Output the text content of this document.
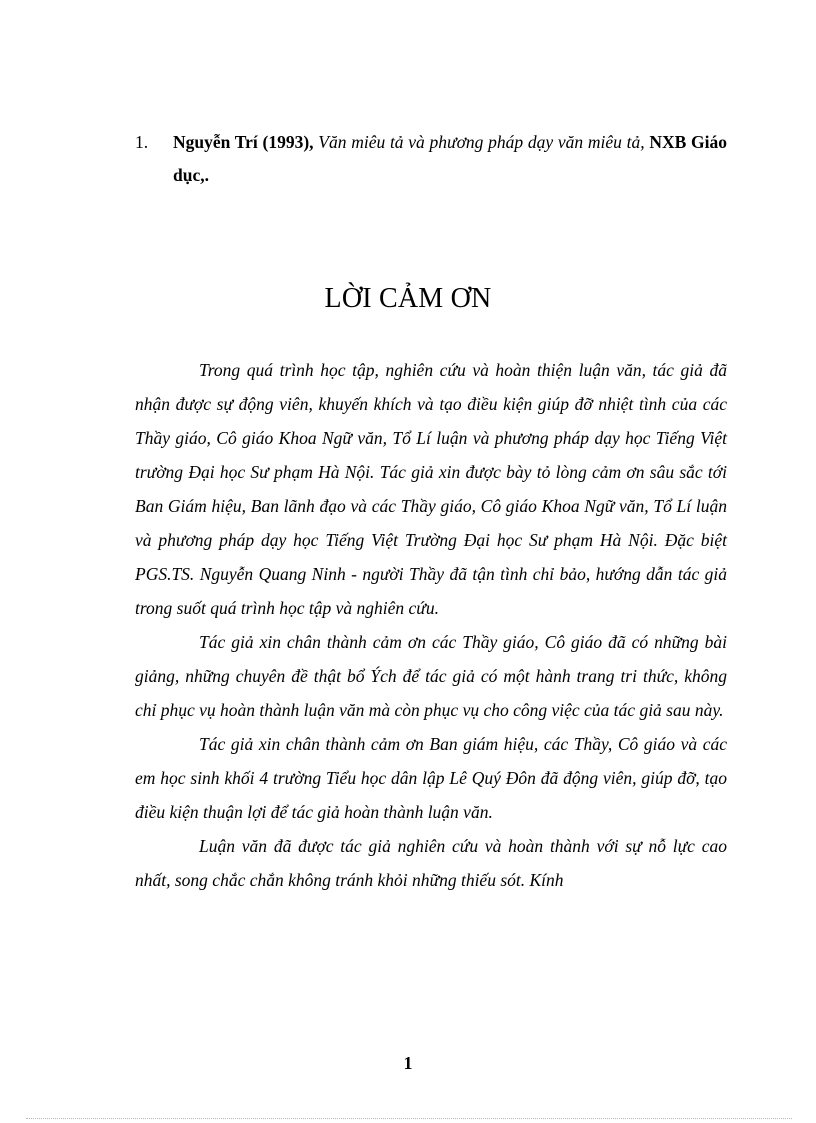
1. Nguyễn Trí (1993), Văn miêu tả và phương pháp dạy văn miêu tả, NXB Giáo dục,.
LỜI CẢM ƠN

Trong quá trình học tập, nghiên cứu và hoàn thiện luận văn, tác giả đã nhận được sự động viên, khuyến khích và tạo điều kiện giúp đỡ nhiệt tình của các Thầy giáo, Cô giáo Khoa Ngữ văn, Tổ Lí luận và phương pháp dạy học Tiếng Việt trường Đại học Sư phạm Hà Nội. Tác giả xin được bày tỏ lòng cảm ơn sâu sắc tới Ban Giám hiệu, Ban lãnh đạo và các Thầy giáo, Cô giáo Khoa Ngữ văn, Tổ Lí luận và phương pháp dạy học Tiếng Việt Trường Đại học Sư phạm Hà Nội. Đặc biệt PGS.TS. Nguyễn Quang Ninh - người Thầy đã tận tình chỉ bảo, hướng dẫn tác giả trong suốt quá trình học tập và nghiên cứu.

Tác giả xin chân thành cảm ơn các Thầy giáo, Cô giáo đã có những bài giảng, những chuyên đề thật bổ Ých để tác giả có một hành trang tri thức, không chỉ phục vụ hoàn thành luận văn mà còn phục vụ cho công việc của tác giả sau này.

Tác giả xin chân thành cảm ơn Ban giám hiệu, các Thầy, Cô giáo và các em học sinh khối 4 trường Tiểu học dân lập Lê Quý Đôn đã động viên, giúp đỡ, tạo điều kiện thuận lợi để tác giả hoàn thành luận văn.

Luận văn đã được tác giả nghiên cứu và hoàn thành với sự nỗ lực cao nhất, song chắc chắn không tránh khỏi những thiếu sót. Kính

1
